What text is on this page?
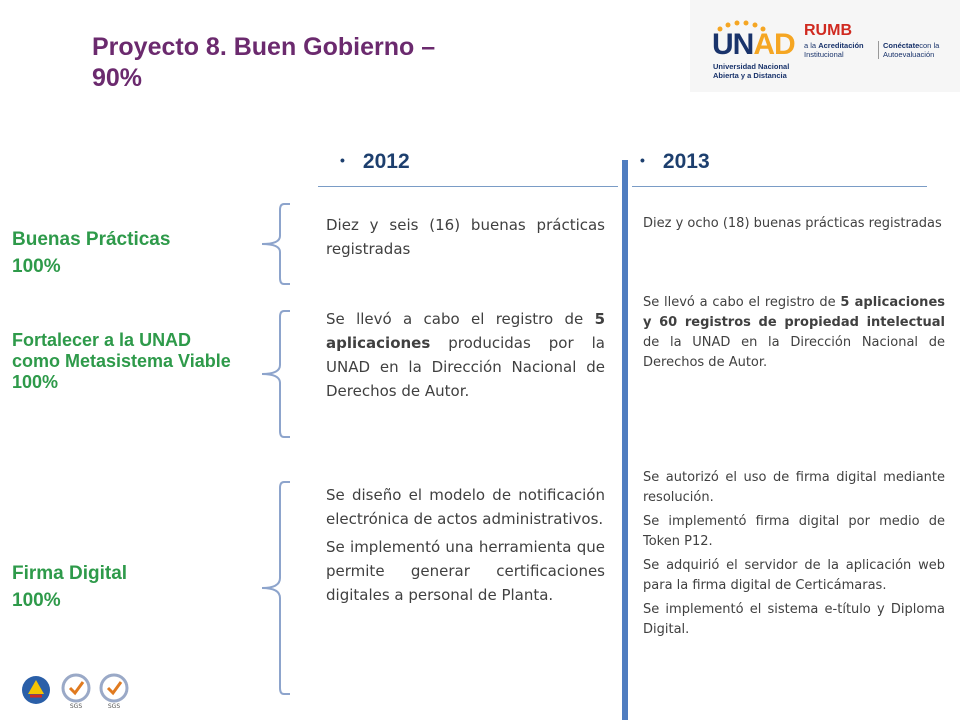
Proyecto 8. Buen Gobierno – 90%
UNAD
Universidad Nacional
Abierta y a Distancia
RUMB
a la Acreditación
Institucional
Conéctatecon la
Autoevaluación
• 2012	• 2013
Buenas Prácticas
100%
Fortalecer a la UNAD como Metasistema Viable
100%
Firma Digital
100%

Diez y seis (16) buenas prácticas registradas

Se llevó a cabo el registro de 5 aplicaciones producidas por la UNAD en la Dirección Nacional de Derechos de Autor.

Se diseño el modelo de notificación electrónica de actos administrativos.

Se implementó una herramienta que permite generar certificaciones digitales a personal de Planta.

Diez y ocho (18) buenas prácticas registradas

Se llevó a cabo el registro de 5 aplicaciones y 60 registros de propiedad intelectual de la UNAD en la Dirección Nacional de Derechos de Autor.

Se autorizó el uso de firma digital mediante resolución.

Se implementó firma digital por medio de Token P12.

Se adquirió el servidor de la aplicación web para la firma digital de Certicámaras.

Se implementó el sistema e-título y Diploma Digital.

SGS	SGS
